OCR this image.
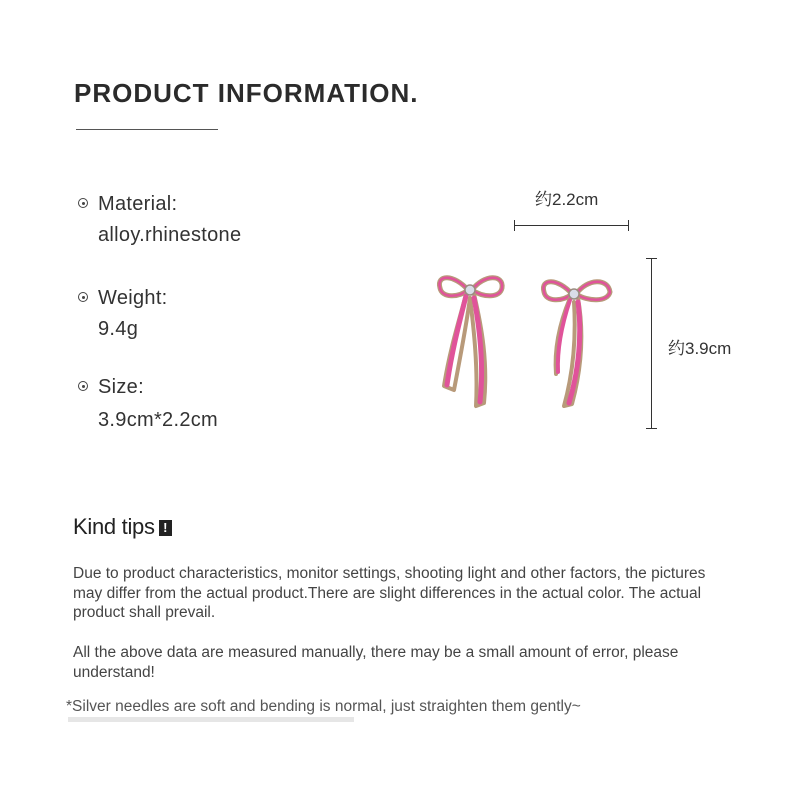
PRODUCT INFORMATION.
Material:
alloy.rhinestone
Weight:
9.4g
Size:
3.9cm*2.2cm
约2.2cm
约3.9cm
Kind tips !

Due to product characteristics, monitor settings, shooting light and other factors, the pictures may differ from the actual product.There are slight differences in the actual color. The actual product shall prevail.

All the above data are measured manually, there may be a small amount of error, please understand!

*Silver needles are soft and bending is normal, just straighten them gently~
